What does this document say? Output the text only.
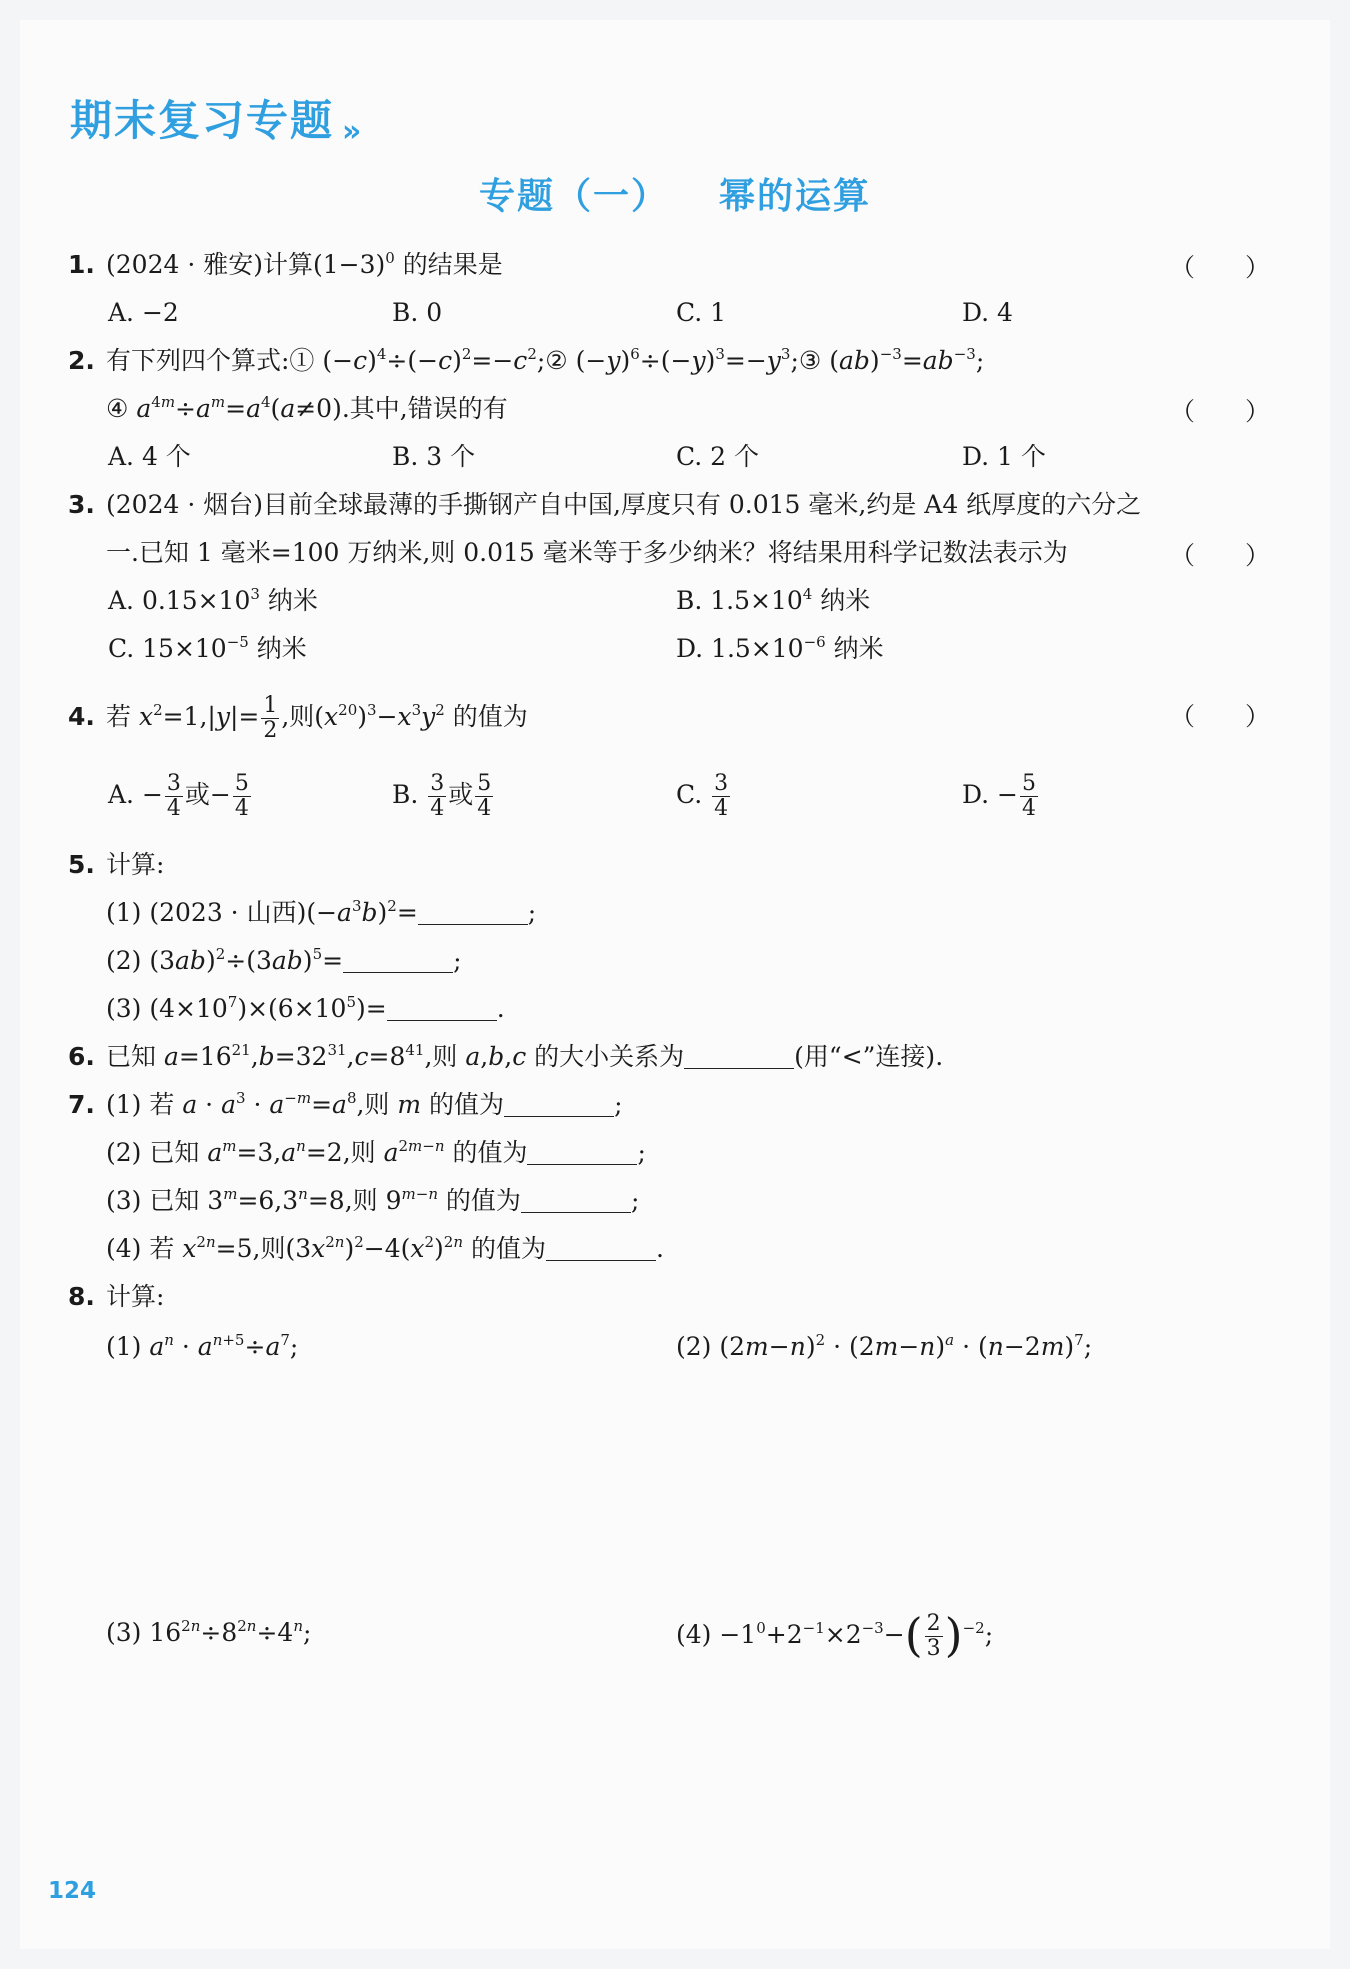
期末复习专题 »
专题（一） 幂的运算
1. (2024 · 雅安)计算$(1-3)^0$ 的结果是	（　　）
A. −2	B. 0	C. 1	D. 4
2. 有下列四个算式:① $(-c)^4\div(-c)^2=-c^2;②$ $(-y)^6\div(-y)^3=-y^3;③$ $(ab)^{-3}=ab^{-3}$;
④ $a^{4m}\div a^m=a^4(a\ne 0)$.其中,错误的有	（　　）
A. 4 个	B. 3 个	C. 2 个	D. 1 个
3. (2024 · 烟台)目前全球最薄的手撕钢产自中国,厚度只有 0.015 毫米,约是 A4 纸厚度的六分之
一.已知 1 毫米=100 万纳米,则 0.015 毫米等于多少纳米？将结果用科学记数法表示为	（　　）
A. $0.15\times 10^3$ 纳米	B. $1.5\times 10^4$ 纳米
C. $15\times 10^{-5}$ 纳米	D. $1.5\times 10^{-6}$ 纳米
4. 若 $x^2=1,|y|= \frac{1}{2}$ ,则$(x^{20})^3-x^3y^2$ 的值为	（　　）
A. − $\frac{3}{4}$ 或− $\frac{5}{4}$	B. $\frac{3}{4}$ 或 $\frac{5}{4}$	C. $\frac{3}{4}$	D. − $\frac{5}{4}$
5. 计算:
(1) (2023 · 山西)$(-a^3b)^2=$	;
(2) $(3ab)^2\div(3ab)^5=$	;
(3) $(4\times 10^7)\times(6\times 10^5)=$	.
6. 已知 $a=16^{21},b=32^{31},c=8^{41}$,则 a,b,c 的大小关系为	(用“<”连接).
7. (1) 若 $a \cdot a^3 \cdot a^{-m}=a^8$,则 m 的值为	;
(2) 已知 $a^m=3,a^n=2$,则 $a^{2m-n}$ 的值为	;
(3) 已知 $3^m=6,3^n=8$,则 $9^{m-n}$ 的值为	;
(4) 若 $x^{2n}=5$,则$(3x^{2n})^2-4(x^2)^{2n}$ 的值为	.
8. 计算:
(1) $a^n \cdot a^{n+5}\div a^7$;	(2) $(2m-n)^2 \cdot (2m-n)^a \cdot (n-2m)^7$;
(3) $16^{2n}\div 8^{2n}\div 4^n$;	$(4) -1^0+2^{-1}\times 2^{-3}-( \frac{2}{3} )^{-2}$;
124
